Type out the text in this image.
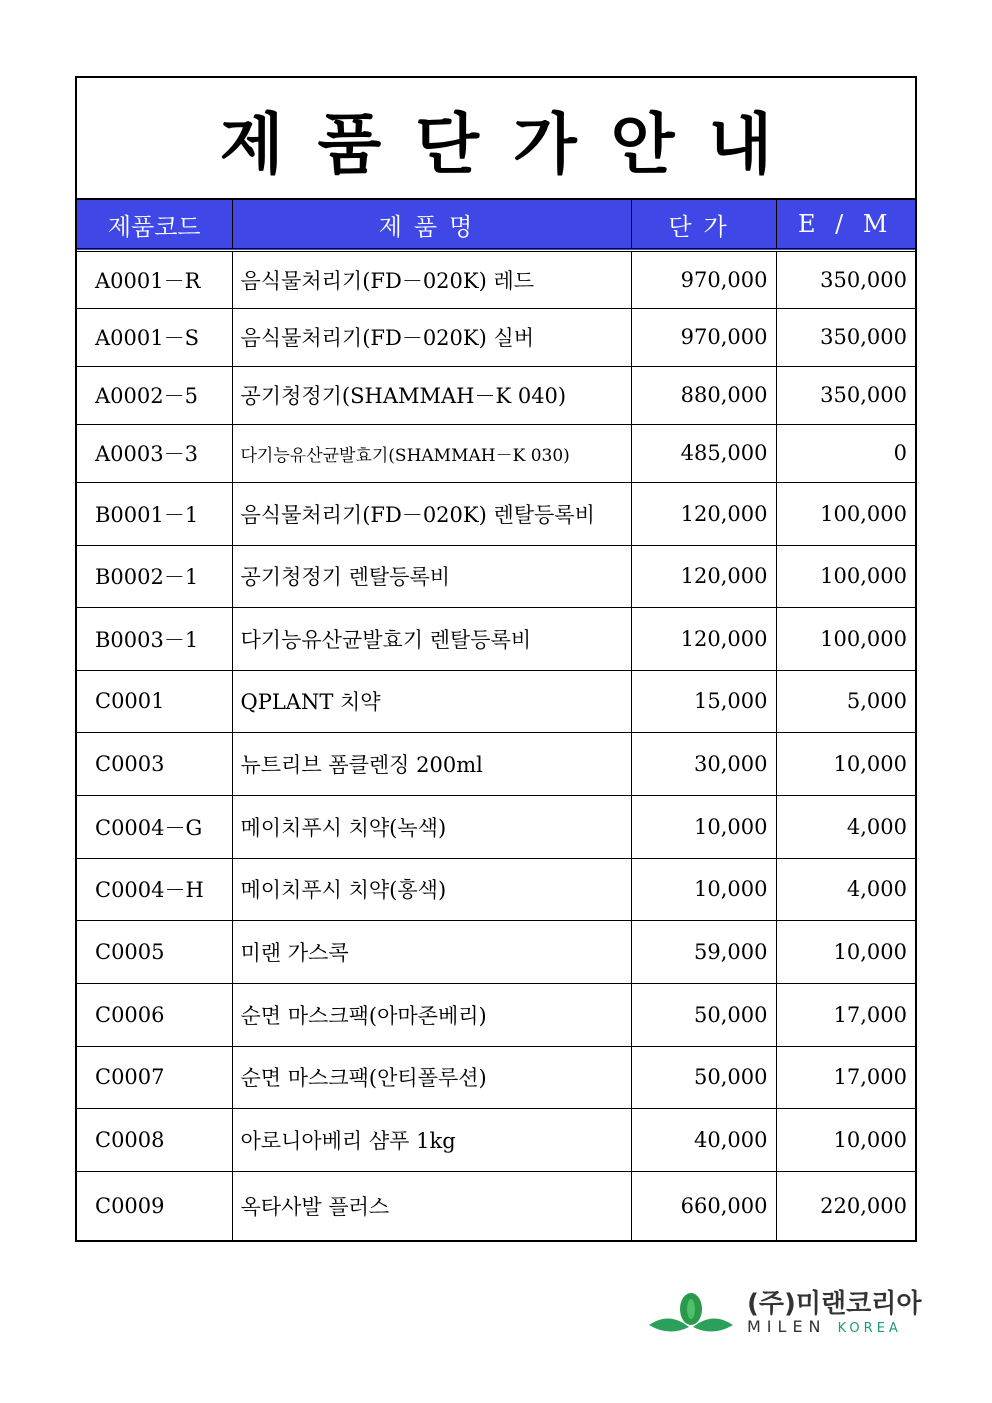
제품단가안내
제품코드	제품명	단가	E / M
A0001－R	음식물처리기(FD－020K) 레드	970,000	350,000
A0001－S	음식물처리기(FD－020K) 실버	970,000	350,000
A0002－5	공기청정기(SHAMMAH－K 040)	880,000	350,000
A0003－3	다기능유산균발효기(SHAMMAH－K 030)	485,000	0
B0001－1	음식물처리기(FD－020K) 렌탈등록비	120,000	100,000
B0002－1	공기청정기 렌탈등록비	120,000	100,000
B0003－1	다기능유산균발효기 렌탈등록비	120,000	100,000
C0001	QPLANT 치약	15,000	5,000
C0003	뉴트리브 폼클렌징 200ml	30,000	10,000
C0004－G	메이치푸시 치약(녹색)	10,000	4,000
C0004－H	메이치푸시 치약(홍색)	10,000	4,000
C0005	미랜 가스콕	59,000	10,000
C0006	순면 마스크팩(아마존베리)	50,000	17,000
C0007	순면 마스크팩(안티폴루션)	50,000	17,000
C0008	아로니아베리 샴푸 1kg	40,000	10,000
C0009	옥타사발 플러스	660,000	220,000
(주)미랜코리아
MILEN KOREA
